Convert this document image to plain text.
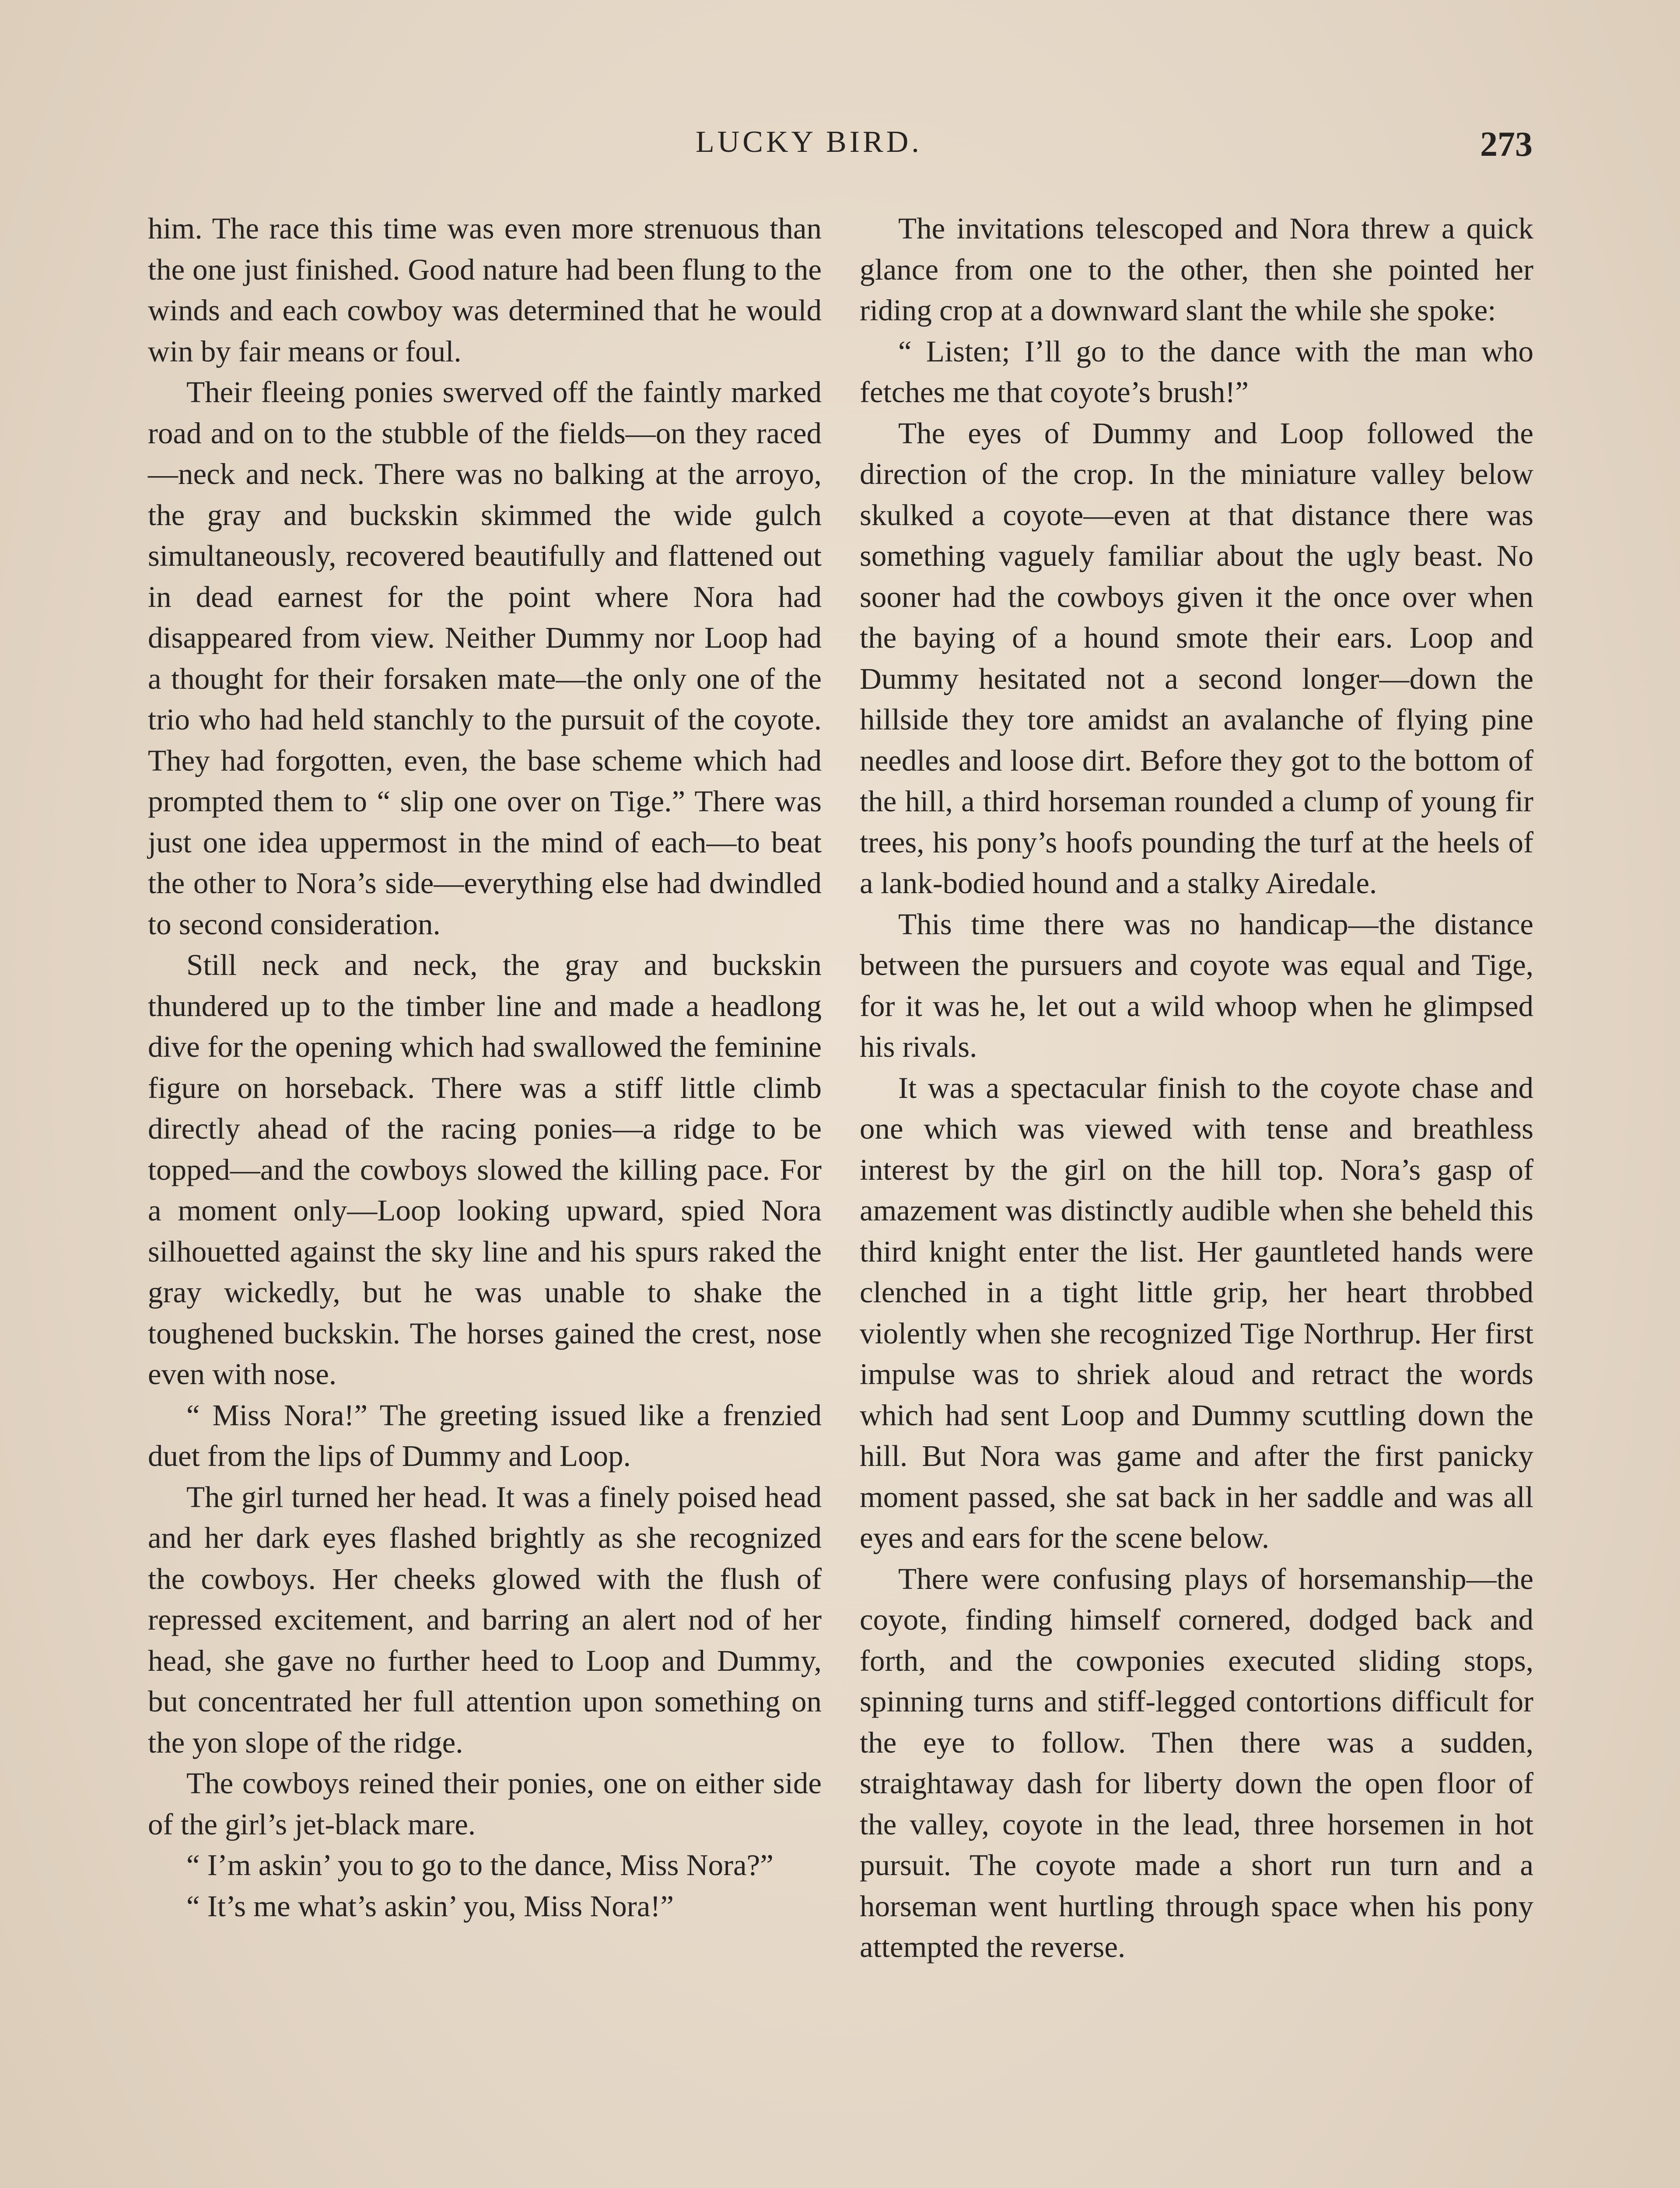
LUCKY BIRD.	273

him. The race this time was even more strenuous than the one just finished. Good nature had been flung to the winds and each cowboy was determined that he would win by fair means or foul.

Their fleeing ponies swerved off the faintly marked road and on to the stubble of the fields—on they raced—neck and neck. There was no balking at the arroyo, the gray and buckskin skimmed the wide gulch simultaneously, recovered beautifully and flattened out in dead earnest for the point where Nora had disappeared from view. Neither Dummy nor Loop had a thought for their forsaken mate—the only one of the trio who had held stanchly to the pursuit of the coyote. They had forgotten, even, the base scheme which had prompted them to “ slip one over on Tige.” There was just one idea uppermost in the mind of each—to beat the other to Nora’s side—everything else had dwindled to second consideration.

Still neck and neck, the gray and buckskin thundered up to the timber line and made a headlong dive for the opening which had swallowed the feminine figure on horseback. There was a stiff little climb directly ahead of the racing ponies—a ridge to be topped—and the cowboys slowed the killing pace. For a moment only—Loop looking upward, spied Nora silhouetted against the sky line and his spurs raked the gray wickedly, but he was unable to shake the toughened buckskin. The horses gained the crest, nose even with nose.

“ Miss Nora!” The greeting issued like a frenzied duet from the lips of Dummy and Loop.

The girl turned her head. It was a finely poised head and her dark eyes flashed brightly as she recognized the cowboys. Her cheeks glowed with the flush of repressed excitement, and barring an alert nod of her head, she gave no further heed to Loop and Dummy, but concentrated her full attention upon something on the yon slope of the ridge.

The cowboys reined their ponies, one on either side of the girl’s jet-black mare.

“ I’m askin’ you to go to the dance, Miss Nora?”

“ It’s me what’s askin’ you, Miss Nora!”

The invitations telescoped and Nora threw a quick glance from one to the other, then she pointed her riding crop at a downward slant the while she spoke:

“ Listen; I’ll go to the dance with the man who fetches me that coyote’s brush!”

The eyes of Dummy and Loop followed the direction of the crop. In the miniature valley below skulked a coyote—even at that distance there was something vaguely familiar about the ugly beast. No sooner had the cowboys given it the once over when the baying of a hound smote their ears. Loop and Dummy hesitated not a second longer—down the hillside they tore amidst an avalanche of flying pine needles and loose dirt. Before they got to the bottom of the hill, a third horseman rounded a clump of young fir trees, his pony’s hoofs pounding the turf at the heels of a lank-bodied hound and a stalky Airedale.

This time there was no handicap—the distance between the pursuers and coyote was equal and Tige, for it was he, let out a wild whoop when he glimpsed his rivals.

It was a spectacular finish to the coyote chase and one which was viewed with tense and breathless interest by the girl on the hill top. Nora’s gasp of amazement was distinctly audible when she beheld this third knight enter the list. Her gauntleted hands were clenched in a tight little grip, her heart throbbed violently when she recognized Tige Northrup. Her first impulse was to shriek aloud and retract the words which had sent Loop and Dummy scuttling down the hill. But Nora was game and after the first panicky moment passed, she sat back in her saddle and was all eyes and ears for the scene below.

There were confusing plays of horsemanship—the coyote, finding himself cornered, dodged back and forth, and the cowponies executed sliding stops, spinning turns and stiff-legged contortions difficult for the eye to follow. Then there was a sudden, straightaway dash for liberty down the open floor of the valley, coyote in the lead, three horsemen in hot pursuit. The coyote made a short run turn and a horseman went hurtling through space when his pony attempted the reverse.
